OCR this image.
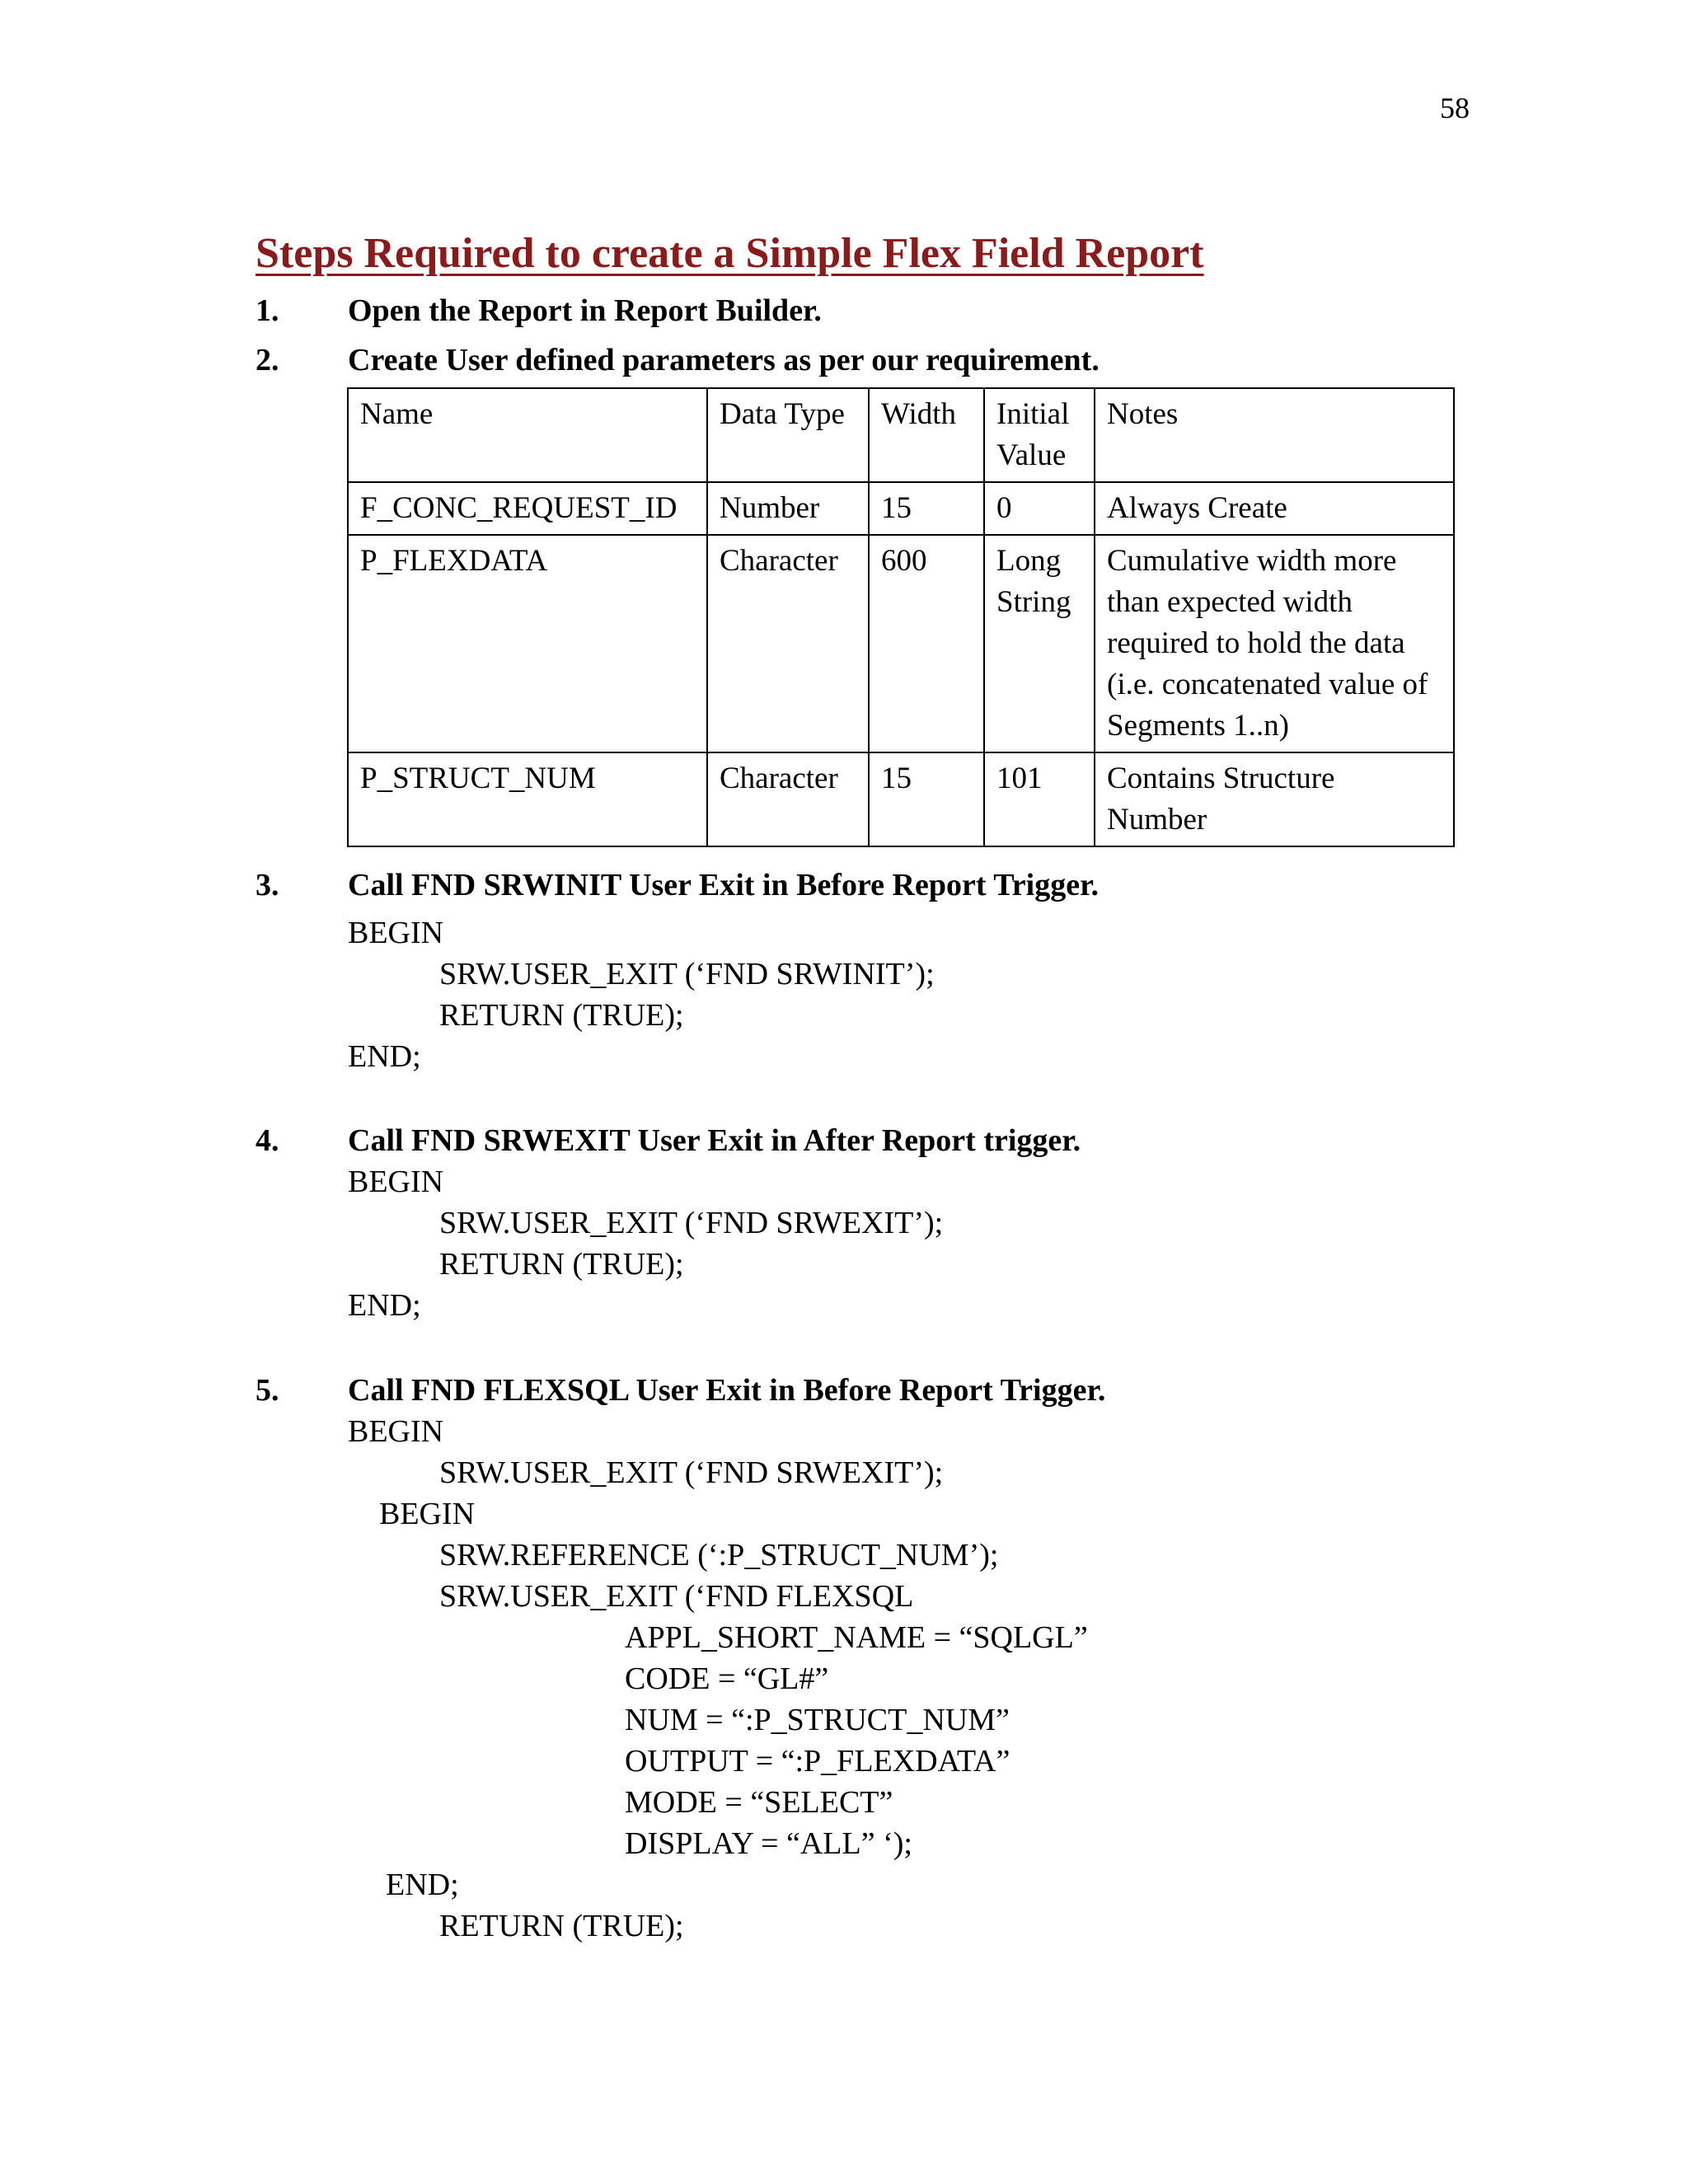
58
Steps Required to create a Simple Flex Field Report
1. Open the Report in Report Builder.
2. Create User defined parameters as per our requirement.
Name	Data Type	Width	Initial Value	Notes
F_CONC_REQUEST_ID	Number	15	0	Always Create
P_FLEXDATA	Character	600	Long String	Cumulative width more than expected width required to hold the data (i.e. concatenated value of Segments 1..n)
P_STRUCT_NUM	Character	15	101	Contains Structure Number
3. Call FND SRWINIT User Exit in Before Report Trigger.
BEGIN
SRW.USER_EXIT (‘FND SRWINIT’);
RETURN (TRUE);
END;
4. Call FND SRWEXIT User Exit in After Report trigger.
BEGIN
SRW.USER_EXIT (‘FND SRWEXIT’);
RETURN (TRUE);
END;
5. Call FND FLEXSQL User Exit in Before Report Trigger.
BEGIN
SRW.USER_EXIT (‘FND SRWEXIT’);
BEGIN
SRW.REFERENCE (‘:P_STRUCT_NUM’);
SRW.USER_EXIT (‘FND FLEXSQL
APPL_SHORT_NAME = “SQLGL”
CODE = “GL#”
NUM = “:P_STRUCT_NUM”
OUTPUT = “:P_FLEXDATA”
MODE = “SELECT”
DISPLAY = “ALL” ‘);
END;
RETURN (TRUE);
